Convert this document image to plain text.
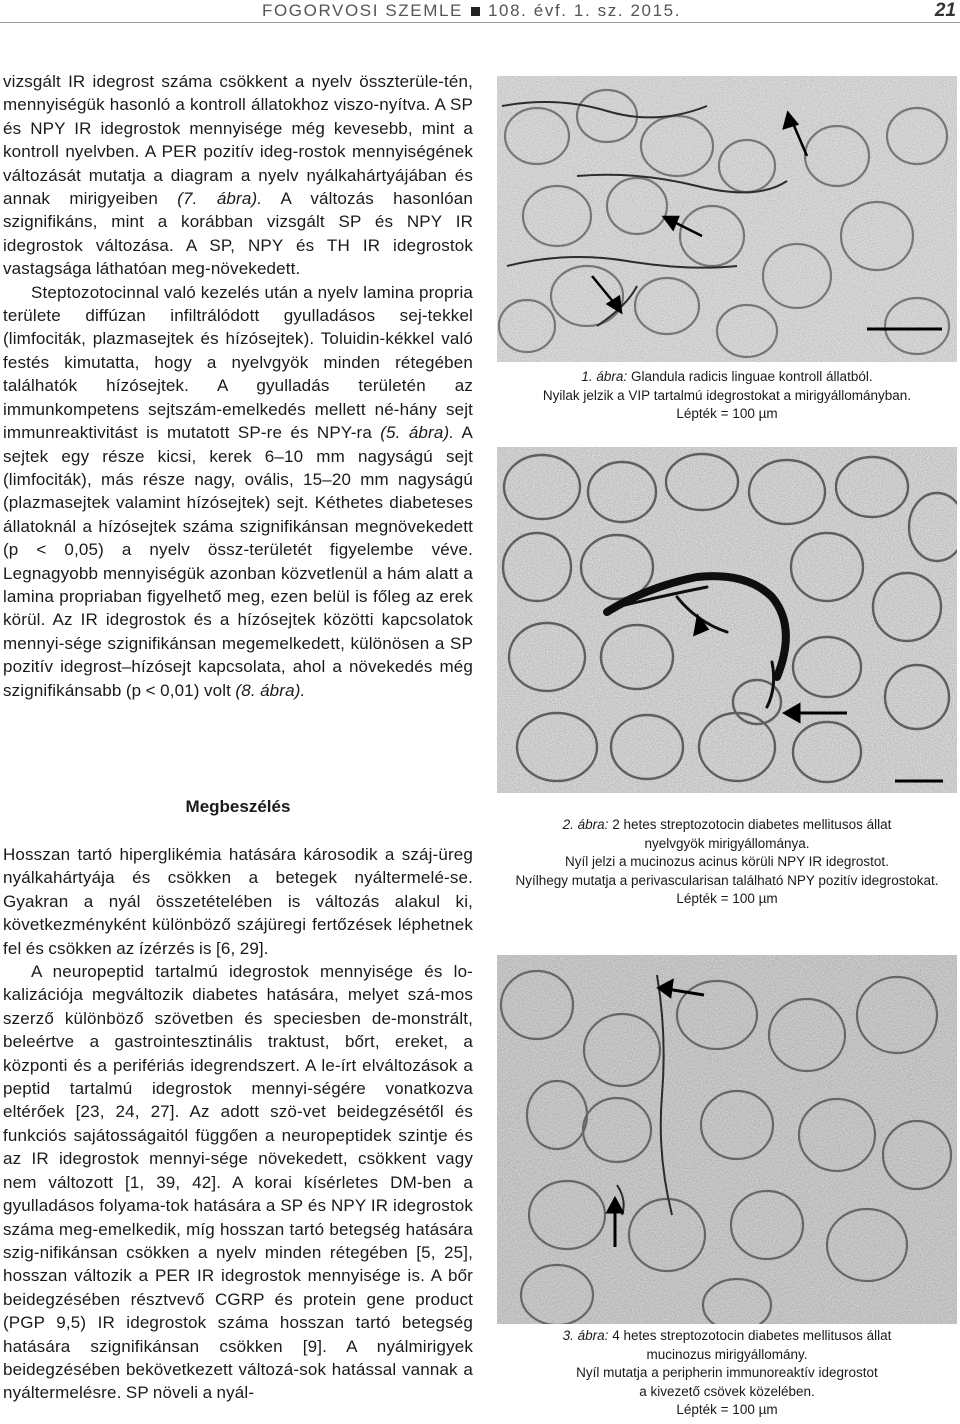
FOGORVOSI SZEMLE 108. évf. 1. sz. 2015.	21

vizsgált IR idegrost száma csökkent a nyelv összterüle-tén, mennyiségük hasonló a kontroll állatokhoz viszo-nyítva. A SP és NPY IR idegrostok mennyisége még kevesebb, mint a kontroll nyelvben. A PER pozitív ideg-rostok mennyiségének változását mutatja a diagram a nyelv nyálkahártyájában és annak mirigyeiben (7. ábra). A változás hasonlóan szignifikáns, mint a korábban vizsgált SP és NPY IR idegrostok változása. A SP, NPY és TH IR idegrostok vastagsága láthatóan meg-növekedett.

Steptozotocinnal való kezelés után a nyelv lamina propria területe diffúzan infiltrálódott gyulladásos sej-tekkel (limfociták, plazmasejtek és hízósejtek). Toluidin-kékkel való festés kimutatta, hogy a nyelvgyök minden rétegében találhatók hízósejtek. A gyulladás területén az immunkompetens sejtszám-emelkedés mellett né-hány sejt immunreaktivitást is mutatott SP-re és NPY-ra (5. ábra). A sejtek egy része kicsi, kerek 6–10 mm nagyságú sejt (limfociták), más része nagy, ovális, 15–20 mm nagyságú (plazmasejtek valamint hízósejtek) sejt. Kéthetes diabeteses állatoknál a hízósejtek száma szignifikánsan megnövekedett (p < 0,05) a nyelv össz-területét figyelembe véve. Legnagyobb mennyiségük azonban közvetlenül a hám alatt a lamina propriaban figyelhető meg, ezen belül is főleg az erek körül. Az IR idegrostok és a hízósejtek közötti kapcsolatok mennyi-sége szignifikánsan megemelkedett, különösen a SP pozitív idegrost–hízósejt kapcsolata, ahol a növekedés még szignifikánsabb (p < 0,01) volt (8. ábra).

Megbeszélés

Hosszan tartó hiperglikémia hatására károsodik a száj-üreg nyálkahártyája és csökken a betegek nyáltermelé-se. Gyakran a nyál összetételében is változás alakul ki, következményként különböző szájüregi fertőzések léphetnek fel és csökken az ízérzés is [6, 29].

A neuropeptid tartalmú idegrostok mennyisége és lo-kalizációja megváltozik diabetes hatására, melyet szá-mos szerző különböző szövetben és speciesben de-monstrált, beleértve a gastrointesztinális traktust, bőrt, ereket, a központi és a perifériás idegrendszert. A le-írt elváltozások a peptid tartalmú idegrostok mennyi-ségére vonatkozva eltérőek [23, 24, 27]. Az adott szö-vet beidegzésétől és funkciós sajátosságaitól függően a neuropeptidek szintje és az IR idegrostok mennyi-sége növekedett, csökkent vagy nem változott [1, 39, 42]. A korai kísérletes DM-ben a gyulladásos folyama-tok hatására a SP és NPY IR idegrostok száma meg-emelkedik, míg hosszan tartó betegség hatására szig-nifikánsan csökken a nyelv minden rétegében [5, 25], hosszan változik a PER IR idegrostok mennyisége is. A bőr beidegzésében résztvevő CGRP és protein gene product (PGP 9,5) IR idegrostok száma hosszan tartó betegség hatására szignifikánsan csökken [9]. A nyálmirigyek beidegzésében bekövetkezett változá-sok hatással vannak a nyáltermelésre. SP növeli a nyál-

1. ábra: Glandula radicis linguae kontroll állatból.
Nyilak jelzik a VIP tartalmú idegrostokat a mirigyállományban.
Lépték = 100 µm
2. ábra: 2 hetes streptozotocin diabetes mellitusos állat
nyelvgyök mirigyállománya.
Nyíl jelzi a mucinozus acinus körüli NPY IR idegrostot.
Nyílhegy mutatja a perivascularisan található NPY pozitív idegrostokat.
Lépték = 100 µm
3. ábra: 4 hetes streptozotocin diabetes mellitusos állat
mucinozus mirigyállomány.
Nyíl mutatja a peripherin immunoreaktív idegrostot
a kivezető csövek közelében.
Lépték = 100 µm
